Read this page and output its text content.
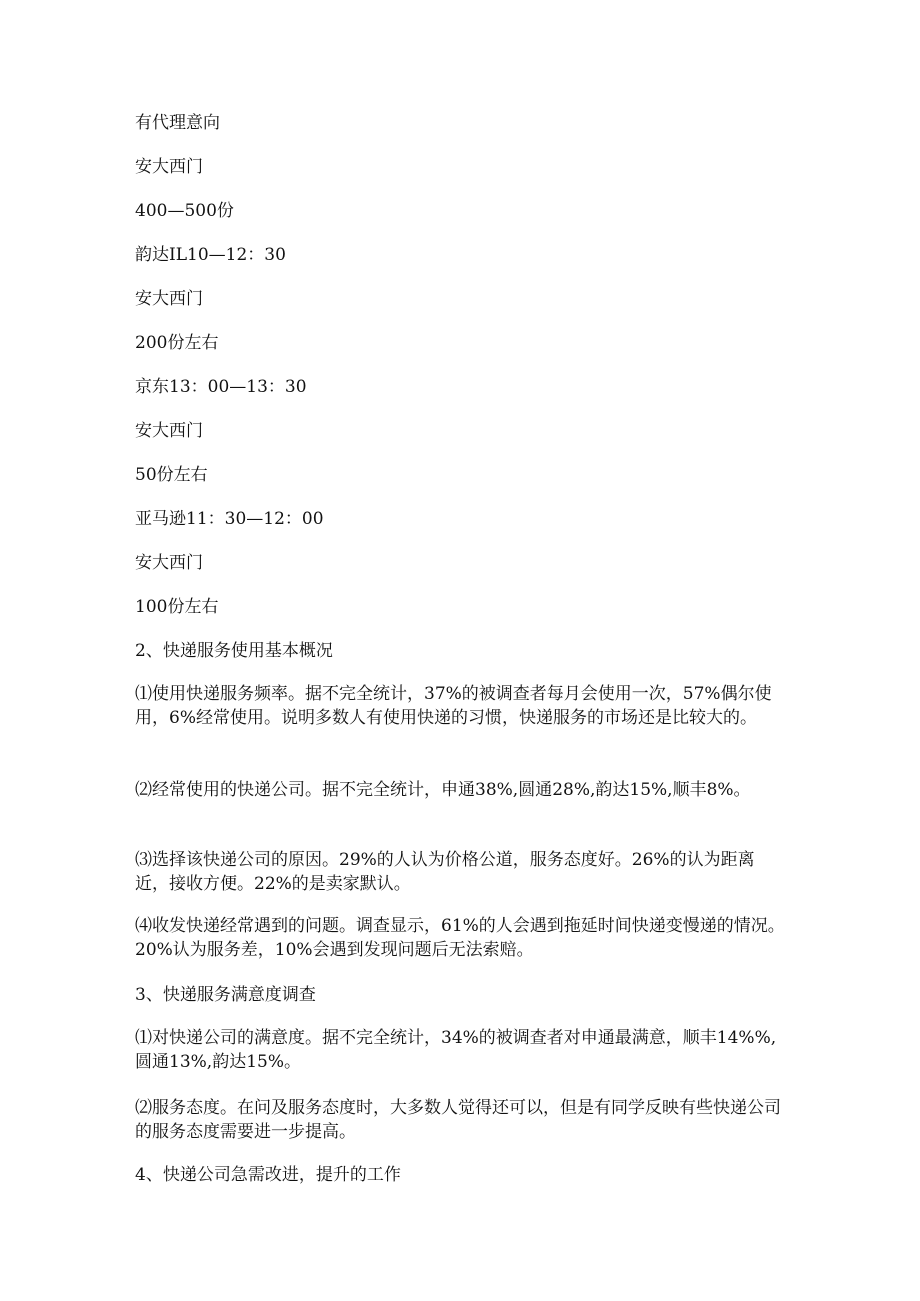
有代理意向
安大西门
400—500份
韵达IL10—12：30
安大西门
200份左右
京东13：00—13：30
安大西门
50份左右
亚马逊11：30—12：00
安大西门
100份左右
2、快递服务使用基本概况

⑴使用快递服务频率。据不完全统计，37%的被调查者每月会使用一次，57%偶尔使用，6%经常使用。说明多数人有使用快递的习惯，快递服务的市场还是比较大的。

⑵经常使用的快递公司。据不完全统计，申通38%,圆通28%,韵达15%,顺丰8%。

⑶选择该快递公司的原因。29%的人认为价格公道，服务态度好。26%的认为距离近，接收方便。22%的是卖家默认。

⑷收发快递经常遇到的问题。调查显示，61%的人会遇到拖延时间快递变慢递的情况。20%认为服务差，10%会遇到发现问题后无法索赔。

3、快递服务满意度调查

⑴对快递公司的满意度。据不完全统计，34%的被调查者对申通最满意，顺丰14%%,圆通13%,韵达15%。

⑵服务态度。在问及服务态度时，大多数人觉得还可以，但是有同学反映有些快递公司的服务态度需要进一步提高。

4、快递公司急需改进，提升的工作
